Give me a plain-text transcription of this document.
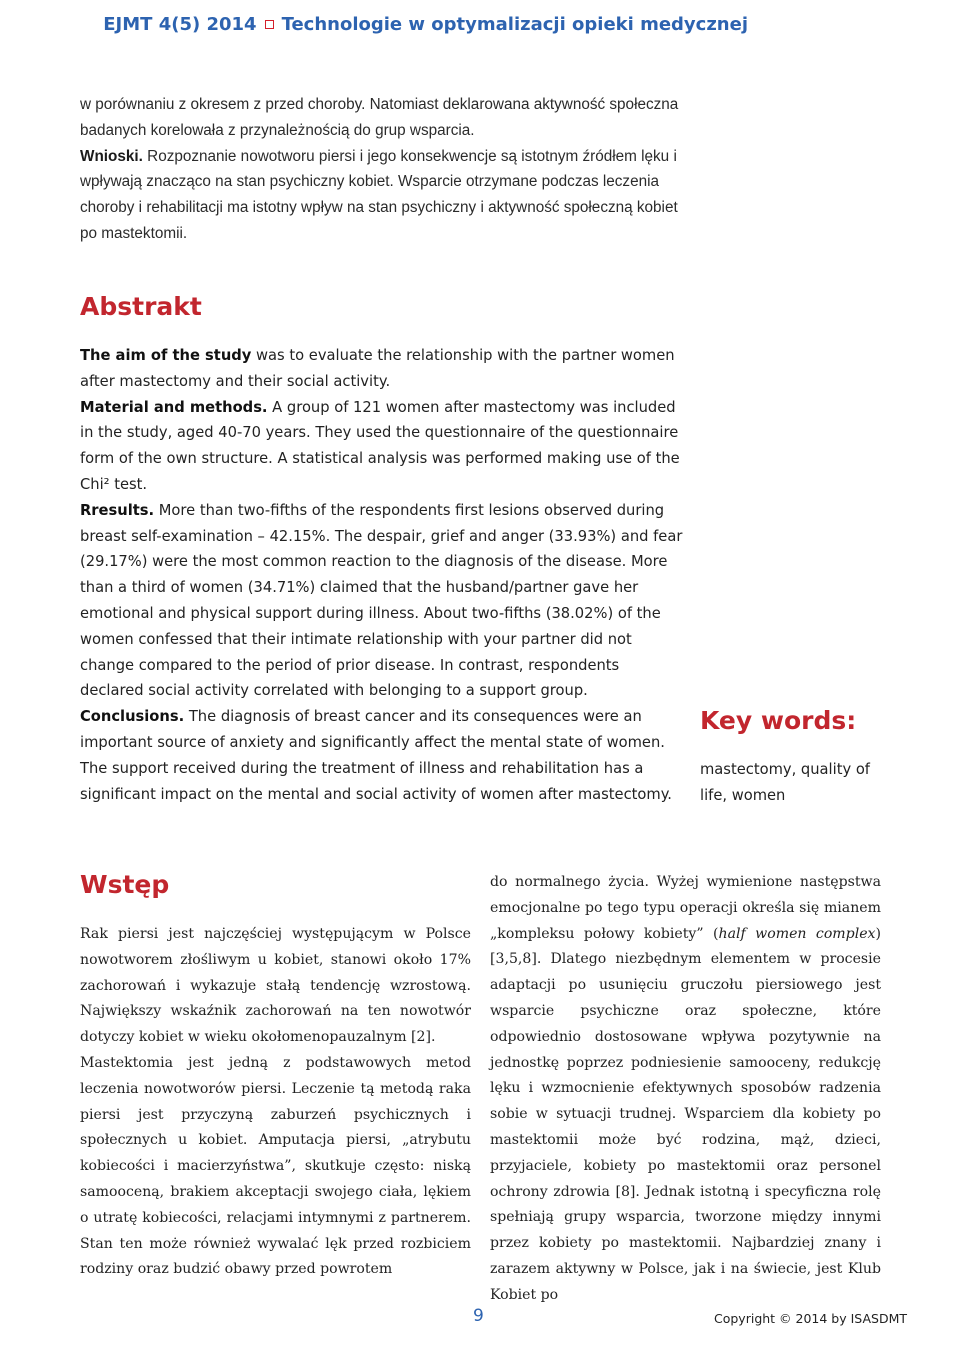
EJMT 4(5) 2014 Technologie w optymalizacji opieki medycznej

w porównaniu z okresem z przed choroby. Natomiast deklarowana aktywność społeczna badanych korelowała z przynależnością do grup wsparcia.

Wnioski. Rozpoznanie nowotworu piersi i jego konsekwencje są istotnym źródłem lęku i wpływają znacząco na stan psychiczny kobiet. Wsparcie otrzymane podczas leczenia choroby i rehabilitacji ma istotny wpływ na stan psychiczny i aktywność społeczną kobiet po mastektomii.

Abstrakt

The aim of the study was to evaluate the relationship with the partner women after mastectomy and their social activity.

Material and methods. A group of 121 women after mastectomy was included in the study, aged 40-70 years. They used the questionnaire of the questionnaire form of the own structure. A statistical analysis was performed making use of the Chi² test.

Rresults. More than two-fifths of the respondents first lesions observed during breast self-examination – 42.15%. The despair, grief and anger (33.93%) and fear (29.17%) were the most common reaction to the diagnosis of the disease. More than a third of women (34.71%) claimed that the husband/partner gave her emotional and physical support during illness. About two-fifths (38.02%) of the women confessed that their intimate relationship with your partner did not change compared to the period of prior disease. In contrast, respondents declared social activity correlated with belonging to a support group.

Conclusions. The diagnosis of breast cancer and its consequences were an important source of anxiety and significantly affect the mental state of women. The support received during the treatment of illness and rehabilitation has a significant impact on the mental and social activity of women after mastectomy.

Key words:
mastectomy, quality of life, women
Wstęp

Rak piersi jest najczęściej występującym w Polsce nowotworem złośliwym u kobiet, stanowi około 17% zachorowań i wykazuje stałą tendencję wzrostową. Największy wskaźnik zachorowań na ten nowotwór dotyczy kobiet w wieku okołomenopauzalnym [2].

Mastektomia jest jedną z podstawowych metod leczenia nowotworów piersi. Leczenie tą metodą raka piersi jest przyczyną zaburzeń psychicznych i społecznych u kobiet. Amputacja piersi, „atrybutu kobiecości i macierzyństwa”, skutkuje często: niską samooceną, brakiem akceptacji swojego ciała, lękiem o utratę kobiecości, relacjami intymnymi z partnerem. Stan ten może również wywalać lęk przed rozbiciem rodziny oraz budzić obawy przed powrotem

do normalnego życia. Wyżej wymienione następstwa emocjonalne po tego typu operacji określa się mianem „kompleksu połowy kobiety” (half women complex) [3,5,8]. Dlatego niezbędnym elementem w procesie adaptacji po usunięciu gruczołu piersiowego jest wsparcie psychiczne oraz społeczne, które odpowiednio dostosowane wpływa pozytywnie na jednostkę poprzez podniesienie samooceny, redukcję lęku i wzmocnienie efektywnych sposobów radzenia sobie w sytuacji trudnej. Wsparciem dla kobiety po mastektomii może być rodzina, mąż, dzieci, przyjaciele, kobiety po mastektomii oraz personel ochrony zdrowia [8]. Jednak istotną i specyficzna rolę spełniają grupy wsparcia, tworzone między innymi przez kobiety po mastektomii. Najbardziej znany i zarazem aktywny w Polsce, jak i na świecie, jest Klub Kobiet po

9	Copyright © 2014 by ISASDMT
